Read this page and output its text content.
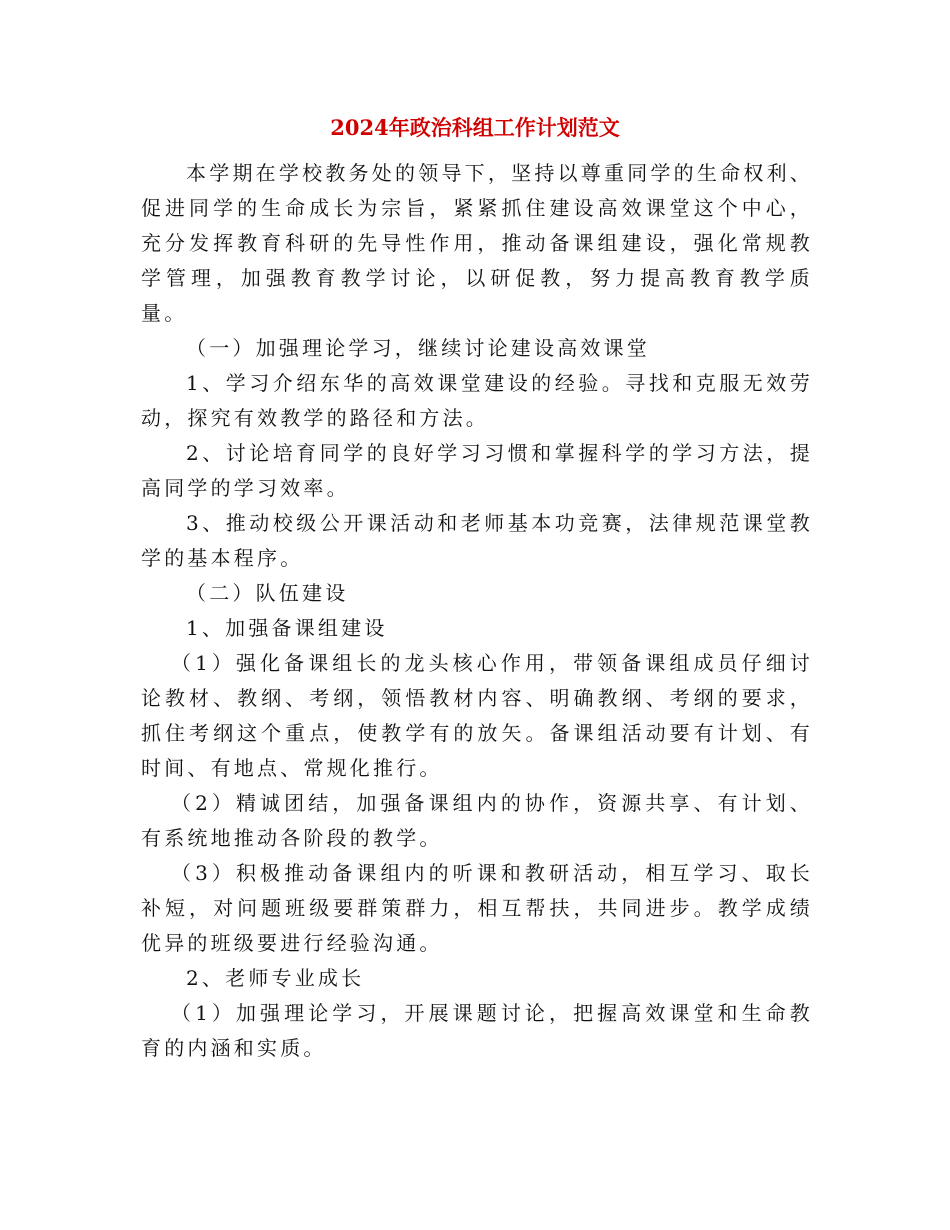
2024年政治科组工作计划范文

本学期在学校教务处的领导下，坚持以尊重同学的生命权利、促进同学的生命成长为宗旨，紧紧抓住建设高效课堂这个中心，充分发挥教育科研的先导性作用，推动备课组建设，强化常规教学管理，加强教育教学讨论，以研促教，努力提高教育教学质量。

（一）加强理论学习，继续讨论建设高效课堂

1、学习介绍东华的高效课堂建设的经验。寻找和克服无效劳动，探究有效教学的路径和方法。

2、讨论培育同学的良好学习习惯和掌握科学的学习方法，提高同学的学习效率。

3、推动校级公开课活动和老师基本功竞赛，法律规范课堂教学的基本程序。

（二）队伍建设

1、加强备课组建设

（1）强化备课组长的龙头核心作用，带领备课组成员仔细讨论教材、教纲、考纲，领悟教材内容、明确教纲、考纲的要求，抓住考纲这个重点，使教学有的放矢。备课组活动要有计划、有时间、有地点、常规化推行。

（2）精诚团结，加强备课组内的协作，资源共享、有计划、有系统地推动各阶段的教学。

（3）积极推动备课组内的听课和教研活动，相互学习、取长补短，对问题班级要群策群力，相互帮扶，共同进步。教学成绩优异的班级要进行经验沟通。

2、老师专业成长

（1）加强理论学习，开展课题讨论，把握高效课堂和生命教育的内涵和实质。
